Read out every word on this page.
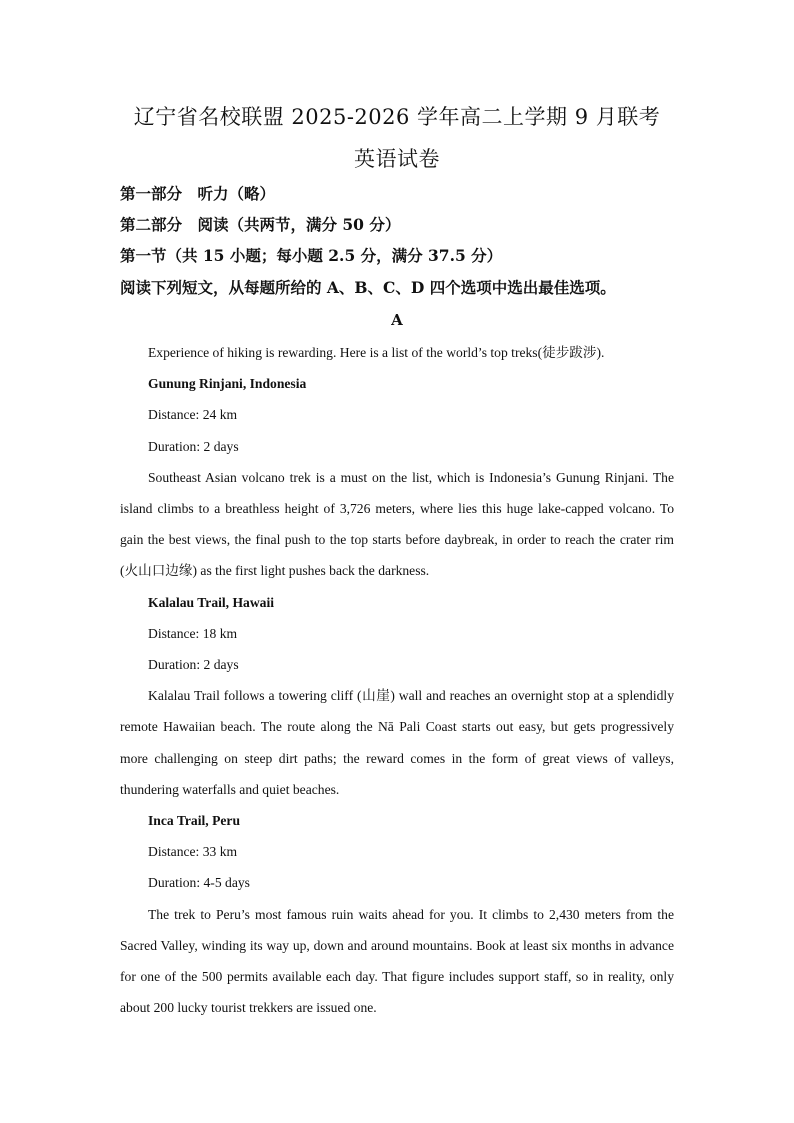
辽宁省名校联盟 2025-2026 学年高二上学期 9 月联考
英语试卷
第一部分　听力（略）
第二部分　阅读（共两节，满分 50 分）
第一节（共 15 小题；每小题 2.5 分，满分 37.5 分）
阅读下列短文，从每题所给的 A、B、C、D 四个选项中选出最佳选项。
A

Experience of hiking is rewarding. Here is a list of the world’s top treks(徒步跋涉).

Gunung Rinjani, Indonesia

Distance: 24 km

Duration: 2 days

Southeast Asian volcano trek is a must on the list, which is Indonesia’s Gunung Rinjani. The island climbs to a breathless height of 3,726 meters, where lies this huge lake-capped volcano. To gain the best views, the final push to the top starts before daybreak, in order to reach the crater rim (火山口边缘) as the first light pushes back the darkness.

Kalalau Trail, Hawaii

Distance: 18 km

Duration: 2 days

Kalalau Trail follows a towering cliff (山崖) wall and reaches an overnight stop at a splendidly remote Hawaiian beach. The route along the Nā Pali Coast starts out easy, but gets progressively more challenging on steep dirt paths; the reward comes in the form of great views of valleys, thundering waterfalls and quiet beaches.

Inca Trail, Peru

Distance: 33 km

Duration: 4-5 days

The trek to Peru’s most famous ruin waits ahead for you. It climbs to 2,430 meters from the Sacred Valley, winding its way up, down and around mountains. Book at least six months in advance for one of the 500 permits available each day. That figure includes support staff, so in reality, only about 200 lucky tourist trekkers are issued one.
